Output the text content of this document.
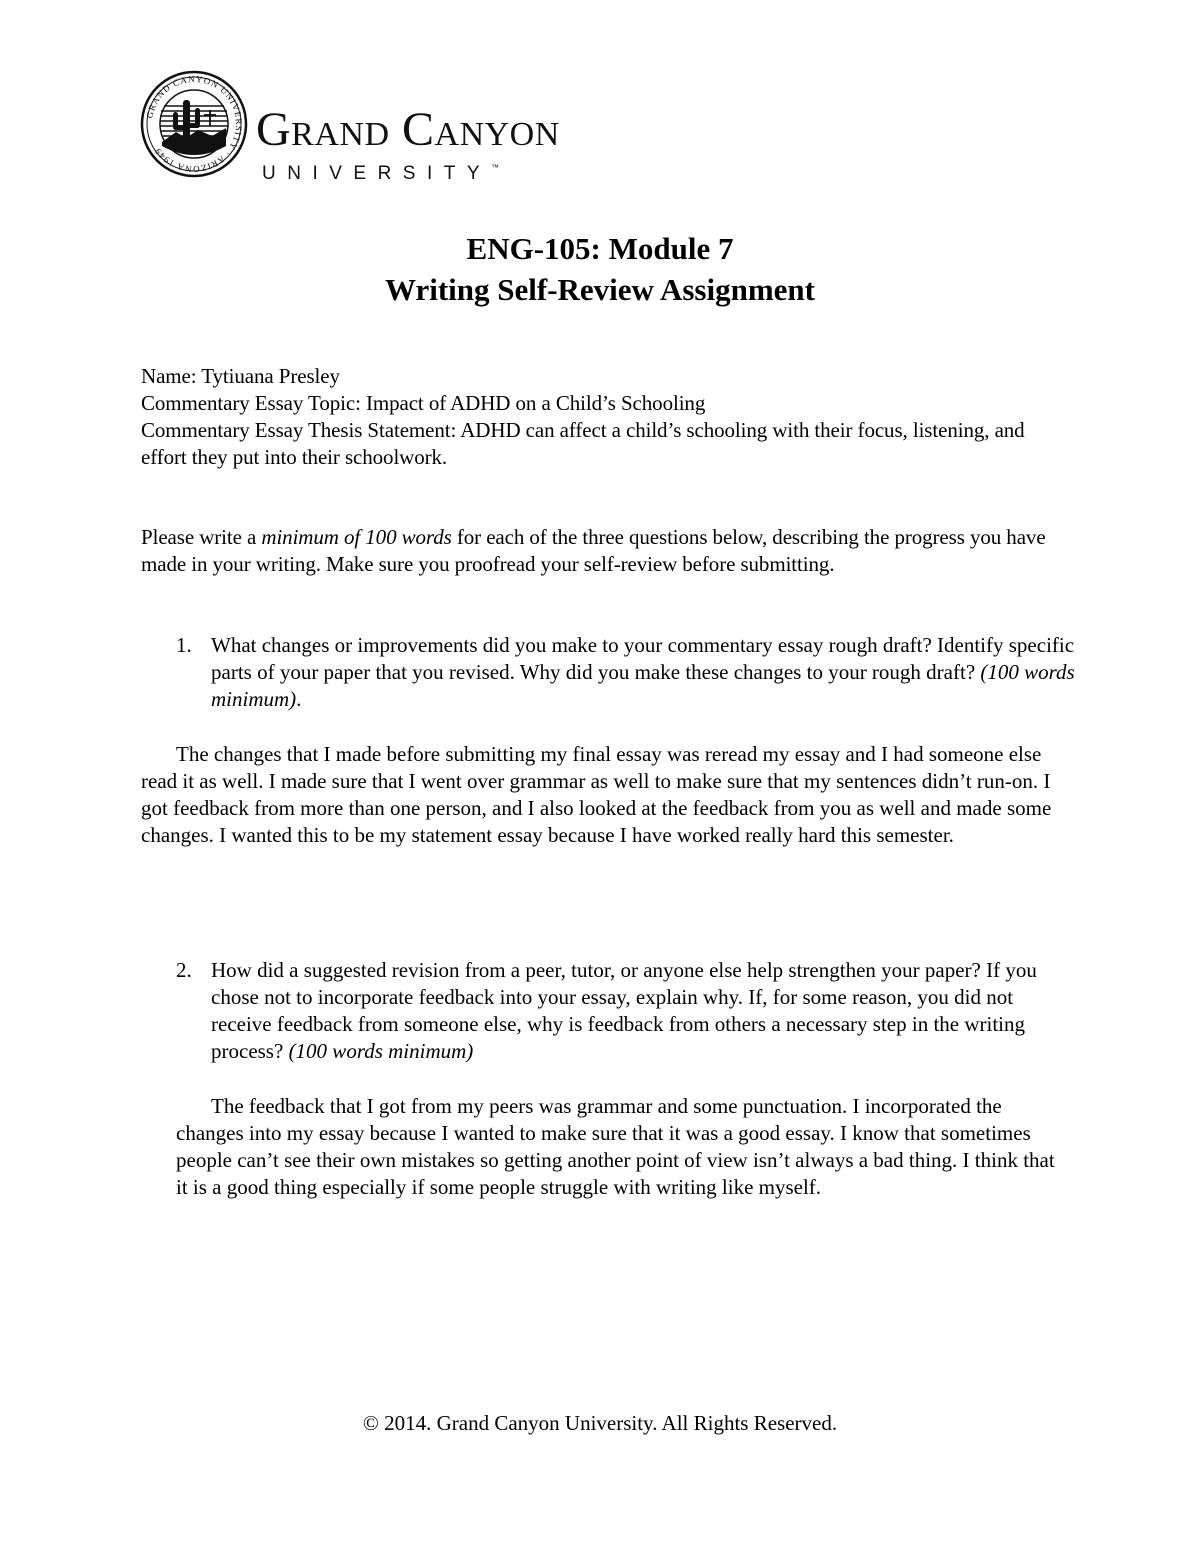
GRAND CANYON UNIVERSITY · ARIZONA 1949	Grand Canyon
UNIVERSITY™
ENG-105: Module 7
Writing Self-Review Assignment
Name: Tytiuana Presley
Commentary Essay Topic: Impact of ADHD on a Child’s Schooling
Commentary Essay Thesis Statement: ADHD can affect a child’s schooling with their focus, listening, and effort they put into their schoolwork.
Please write a minimum of 100 words for each of the three questions below, describing the progress you have made in your writing. Make sure you proofread your self-review before submitting.
1. What changes or improvements did you make to your commentary essay rough draft? Identify specific parts of your paper that you revised. Why did you make these changes to your rough draft? (100 words minimum).
The changes that I made before submitting my final essay was reread my essay and I had someone else read it as well. I made sure that I went over grammar as well to make sure that my sentences didn’t run-on. I got feedback from more than one person, and I also looked at the feedback from you as well and made some changes. I wanted this to be my statement essay because I have worked really hard this semester.
2. How did a suggested revision from a peer, tutor, or anyone else help strengthen your paper? If you chose not to incorporate feedback into your essay, explain why. If, for some reason, you did not receive feedback from someone else, why is feedback from others a necessary step in the writing process? (100 words minimum)
The feedback that I got from my peers was grammar and some punctuation. I incorporated the changes into my essay because I wanted to make sure that it was a good essay. I know that sometimes people can’t see their own mistakes so getting another point of view isn’t always a bad thing. I think that it is a good thing especially if some people struggle with writing like myself.
© 2014. Grand Canyon University. All Rights Reserved.
